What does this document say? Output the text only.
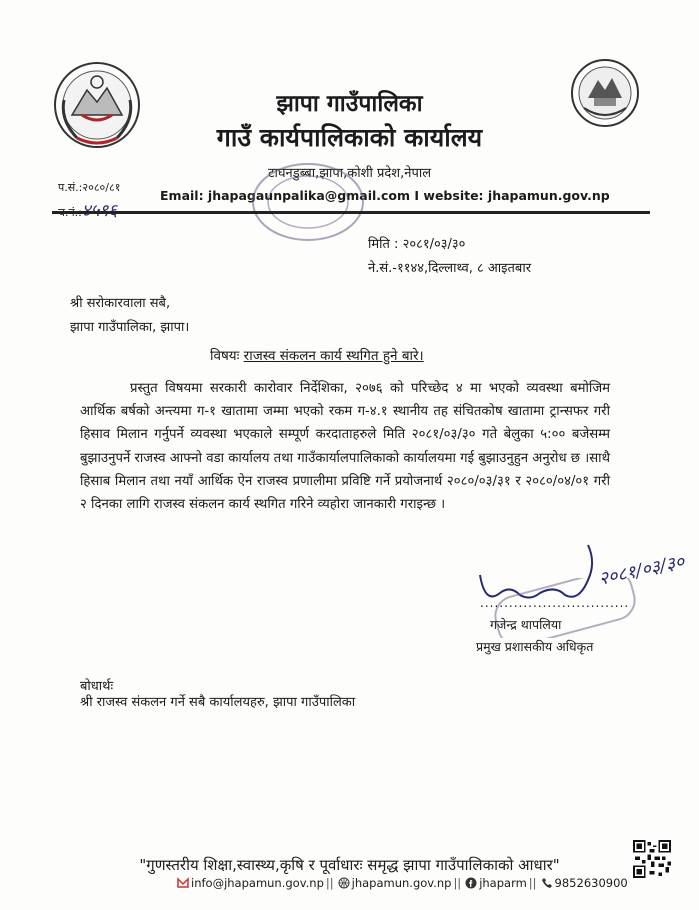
झापा गाउँपालिका
गाउँ कार्यपालिकाको कार्यालय
टाघनडुब्बा,झापा,कोशी प्रदेश,नेपाल
Email: jhapagaunpalika@gmail.com I website: jhapamun.gov.np
प.सं.:२०८०/८१
मिति : २०८१/०३/३०
ने.सं.-११४४,दिल्लाथ्व, ८ आइतबार
श्री सरोकारवाला सबै,
झापा गाउँपालिका, झापा।
विषयः राजस्व संकलन कार्य स्थगित हुने बारे।
प्रस्तुत विषयमा सरकारी कारोवार निर्देशिका, २०७६ को परिच्छेद ४ मा भएको व्यवस्था बमोजिम आर्थिक बर्षको अन्त्यमा ग-१ खातामा जम्मा भएको रकम ग-४.१ स्थानीय तह संचितकोष खातामा ट्रान्सफर गरी हिसाव मिलान गर्नुपर्ने व्यवस्था भएकाले सम्पूर्ण करदाताहरुले मिति २०८१/०३/३० गते बेलुका ५:०० बजेसम्म बुझाउनुपर्ने राजस्व आफ्नो वडा कार्यालय तथा गाउँकार्यालपालिकाको कार्यालयमा गई बुझाउनुहुन अनुरोध छ ।साथै हिसाब मिलान तथा नयाँ आर्थिक ऐन राजस्व प्रणालीमा प्रविष्टि गर्ने प्रयोजनार्थ २०८०/०३/३१ र २०८०/०४/०१ गरी २ दिनका लागि राजस्व संकलन कार्य स्थगित गरिने व्यहोरा जानकारी गराइन्छ ।
२०८१/०३/३०
...............................
गजेन्द्र थापलिया
प्रमुख प्रशासकीय अधिकृत
बोधार्थः
श्री राजस्व संकलन गर्ने सबै कार्यालयहरु, झापा गाउँपालिका
"गुणस्तरीय शिक्षा,स्वास्थ्य,कृषि र पूर्वाधारः समृद्ध झापा गाउँपालिकाको आधार"
info@jhapamun.gov.np || jhapamun.gov.np || jhaparm || 9852630900
